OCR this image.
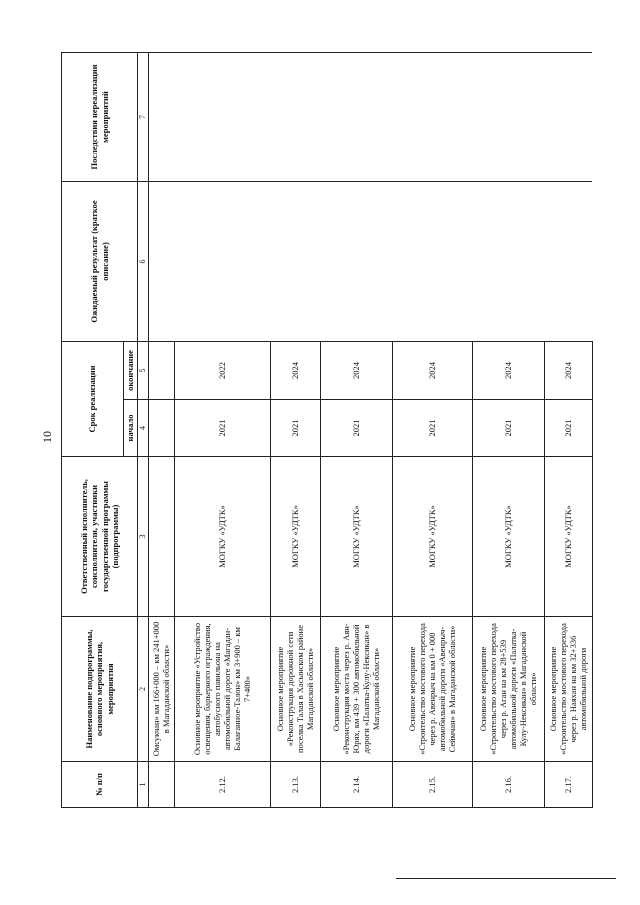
10
№ п/п	Наименование подпрограммы, основного мероприятия, мероприятия	Ответственный исполнитель, соисполнители, участники государственной программы (подпрограммы)	Срок реализации		Ожидаемый результат (краткое описание)	Последствия нереализации мероприятий
			начало	окончание		
1	2	3	4	5	6	7
	Омсукчан» км 166+000 – км 241+000 в Магаданской области»					
2.12.	Основное мероприятие «Устройство освещения, барьерного ограждения, автобусного павильона на автомобильной дороге «Магадан-Балаганное-Талон» км 3+900 – км 7+400»	МОГКУ «УДТК»	2021	2022		
2.13.	Основное мероприятие «Реконструкция дорожной сети поселка Талая в Хасынском районе Магаданской области»	МОГКУ «УДТК»	2021	2024		
2.14.	Основное мероприятие «Реконструкция моста через р. Аян-Юрях, км 439 + 300 автомобильной дороги «Палатка-Кулу-Нексикан» в Магаданской области»	МОГКУ «УДТК»	2021	2024		
2.15.	Основное мероприятие «Строительство мостового перехода через р. Авенрыч на км 0 + 000 автомобильной дороги «Авенрыч-Сеймчан» в Магаданской области»	МОГКУ «УДТК»	2021	2024		
2.16.	Основное мероприятие «Строительство мостового перехода через р. Аган на км 28+539 автомобильной дороги «Палатка-Кулу-Нексикан» в Магаданской области»	МОГКУ «УДТК»	2021	2024		
2.17.	Основное мероприятие «Строительство мостового перехода через р. Наяхан на км 32+336 автомобильной дороги	МОГКУ «УДТК»	2021	2024		
